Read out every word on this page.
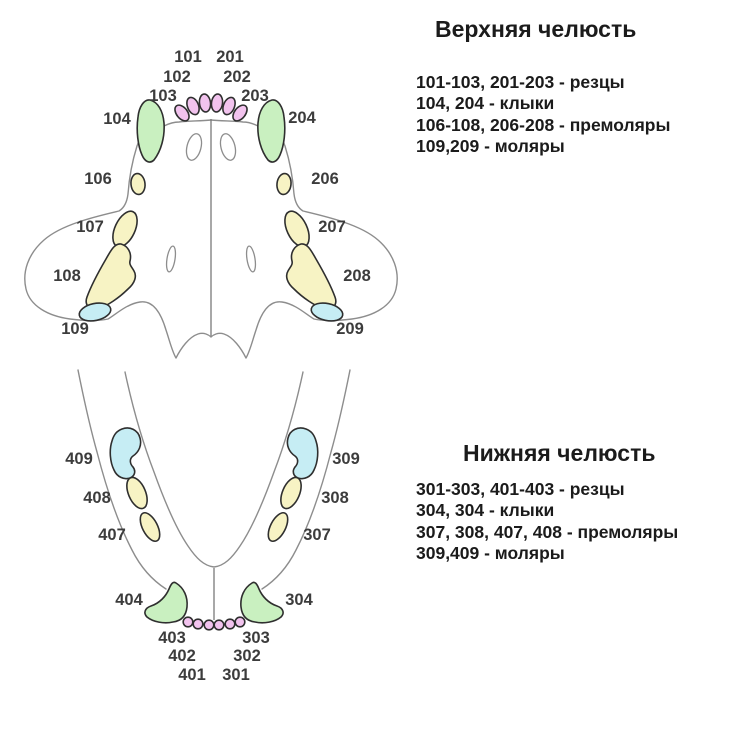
101 201
102 202
103	203
104	204
106	206
107	207
108	208
109	209
409	309
408	308
407	307
404	304
403	303
402 302
401 301
Верхняя челюсть
101-103, 201-203 - резцы
104, 204 - клыки
106-108, 206-208 - премоляры
109,209 - моляры
Нижняя челюсть
301-303, 401-403 - резцы
304, 304 - клыки
307, 308, 407, 408 - премоляры
309,409 - моляры
